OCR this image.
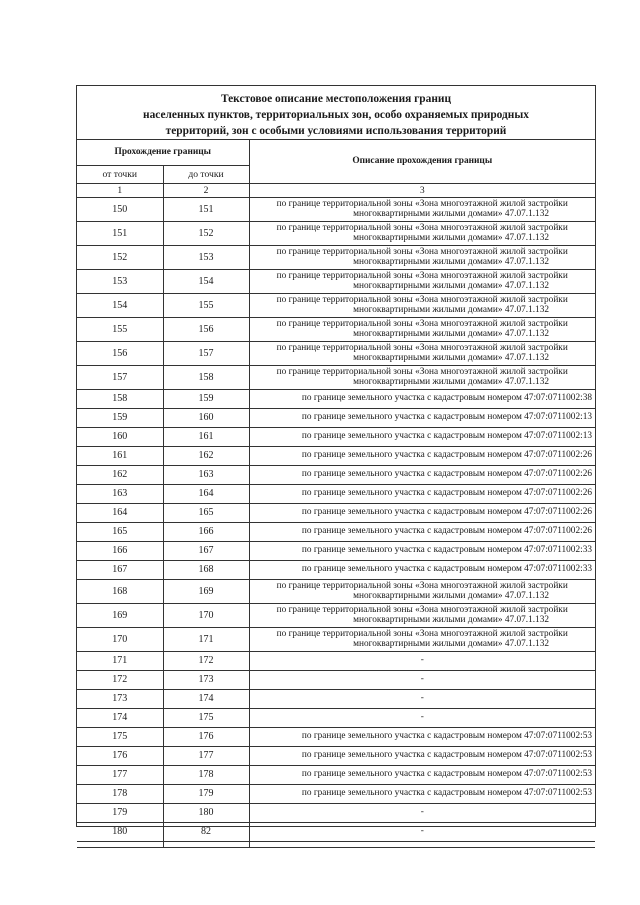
Текстовое описание местоположения границ
населенных пунктов, территориальных зон, особо охраняемых природных
территорий, зон с особыми условиями использования территорий
Прохождение границы		Описание прохождения границы
от точки	до точки	
1	2	3
150	151	по границе территориальной зоны «Зона многоэтажной жилой застройки
многоквартирными жилыми домами» 47.07.1.132

151	152	по границе территориальной зоны «Зона многоэтажной жилой застройки
многоквартирными жилыми домами» 47.07.1.132

152	153	по границе территориальной зоны «Зона многоэтажной жилой застройки
многоквартирными жилыми домами» 47.07.1.132

153	154	по границе территориальной зоны «Зона многоэтажной жилой застройки
многоквартирными жилыми домами» 47.07.1.132

154	155	по границе территориальной зоны «Зона многоэтажной жилой застройки
многоквартирными жилыми домами» 47.07.1.132

155	156	по границе территориальной зоны «Зона многоэтажной жилой застройки
многоквартирными жилыми домами» 47.07.1.132

156	157	по границе территориальной зоны «Зона многоэтажной жилой застройки
многоквартирными жилыми домами» 47.07.1.132

157	158	по границе территориальной зоны «Зона многоэтажной жилой застройки
многоквартирными жилыми домами» 47.07.1.132

158	159	по границе земельного участка с кадастровым номером 47:07:0711002:38
159	160	по границе земельного участка с кадастровым номером 47:07:0711002:13
160	161	по границе земельного участка с кадастровым номером 47:07:0711002:13
161	162	по границе земельного участка с кадастровым номером 47:07:0711002:26
162	163	по границе земельного участка с кадастровым номером 47:07:0711002:26
163	164	по границе земельного участка с кадастровым номером 47:07:0711002:26
164	165	по границе земельного участка с кадастровым номером 47:07:0711002:26
165	166	по границе земельного участка с кадастровым номером 47:07:0711002:26
166	167	по границе земельного участка с кадастровым номером 47:07:0711002:33
167	168	по границе земельного участка с кадастровым номером 47:07:0711002:33
168	169	по границе территориальной зоны «Зона многоэтажной жилой застройки
многоквартирными жилыми домами» 47.07.1.132

169	170	по границе территориальной зоны «Зона многоэтажной жилой застройки
многоквартирными жилыми домами» 47.07.1.132

170	171	по границе территориальной зоны «Зона многоэтажной жилой застройки
многоквартирными жилыми домами» 47.07.1.132

171	172	-
172	173	-
173	174	-
174	175	-
175	176	по границе земельного участка с кадастровым номером 47:07:0711002:53
176	177	по границе земельного участка с кадастровым номером 47:07:0711002:53
177	178	по границе земельного участка с кадастровым номером 47:07:0711002:53
178	179	по границе земельного участка с кадастровым номером 47:07:0711002:53
179	180	-
180	82	-
